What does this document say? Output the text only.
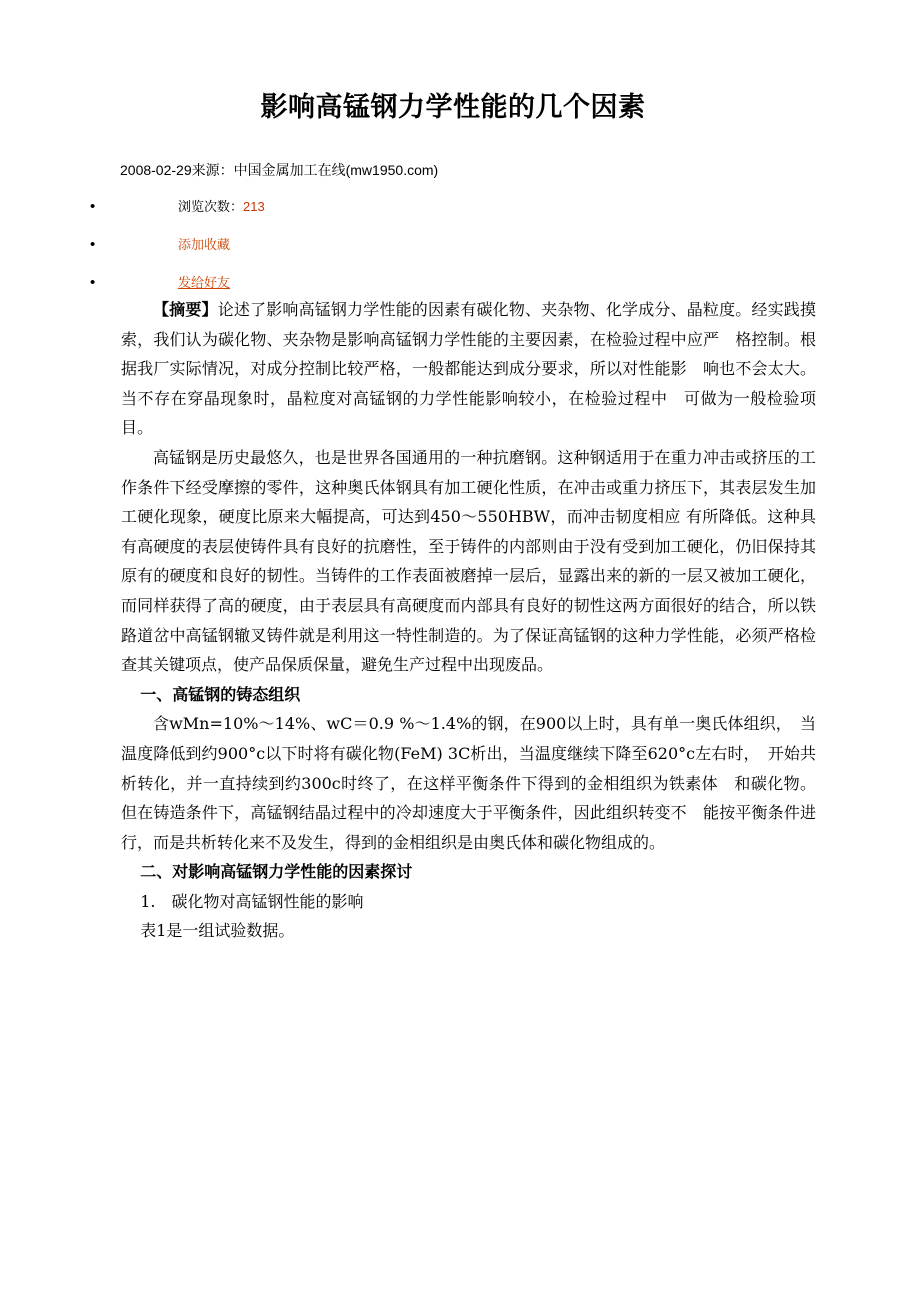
影响高锰钢力学性能的几个因素
2008-02-29来源：中国金属加工在线(mw1950.com)
•	浏览次数：213
•	添加收藏
•	发给好友

【摘要】论述了影响高锰钢力学性能的因素有碳化物、夹杂物、化学成分、晶粒度。经实践摸索，我们认为碳化物、夹杂物是影响高锰钢力学性能的主要因素，在检验过程中应严　格控制。根据我厂实际情况，对成分控制比较严格，一般都能达到成分要求，所以对性能影　响也不会太大。当不存在穿晶现象时，晶粒度对高锰钢的力学性能影响较小，在检验过程中　可做为一般检验项目。

高锰钢是历史最悠久，也是世界各国通用的一种抗磨钢。这种钢适用于在重力冲击或挤压的工作条件下经受摩擦的零件，这种奥氏体钢具有加工硬化性质，在冲击或重力挤压下，其表层发生加工硬化现象，硬度比原来大幅提高，可达到450～550HBW，而冲击韧度相应 有所降低。这种具有高硬度的表层使铸件具有良好的抗磨性，至于铸件的内部则由于没有受到加工硬化，仍旧保持其原有的硬度和良好的韧性。当铸件的工作表面被磨掉一层后，显露出来的新的一层又被加工硬化，而同样获得了高的硬度，由于表层具有高硬度而内部具有良好的韧性这两方面很好的结合，所以铁路道岔中高锰钢辙叉铸件就是利用这一特性制造的。为了保证高锰钢的这种力学性能，必须严格检查其关键项点，使产品保质保量，避免生产过程中出现废品。

一、高锰钢的铸态组织

含wMn=10%～14%、wC＝0.9 %～1.4%的钢，在900以上时，具有单一奥氏体组织，　当温度降低到约900°c以下时将有碳化物(FeM) 3C析出，当温度继续下降至620°c左右时，　开始共析转化，并一直持续到约300c时终了，在这样平衡条件下得到的金相组织为铁素体　和碳化物。但在铸造条件下，高锰钢结晶过程中的冷却速度大于平衡条件，因此组织转变不　能按平衡条件进行，而是共析转化来不及发生，得到的金相组织是由奥氏体和碳化物组成的。

二、对影响高锰钢力学性能的因素探讨

1.　碳化物对高锰钢性能的影响

表1是一组试验数据。
